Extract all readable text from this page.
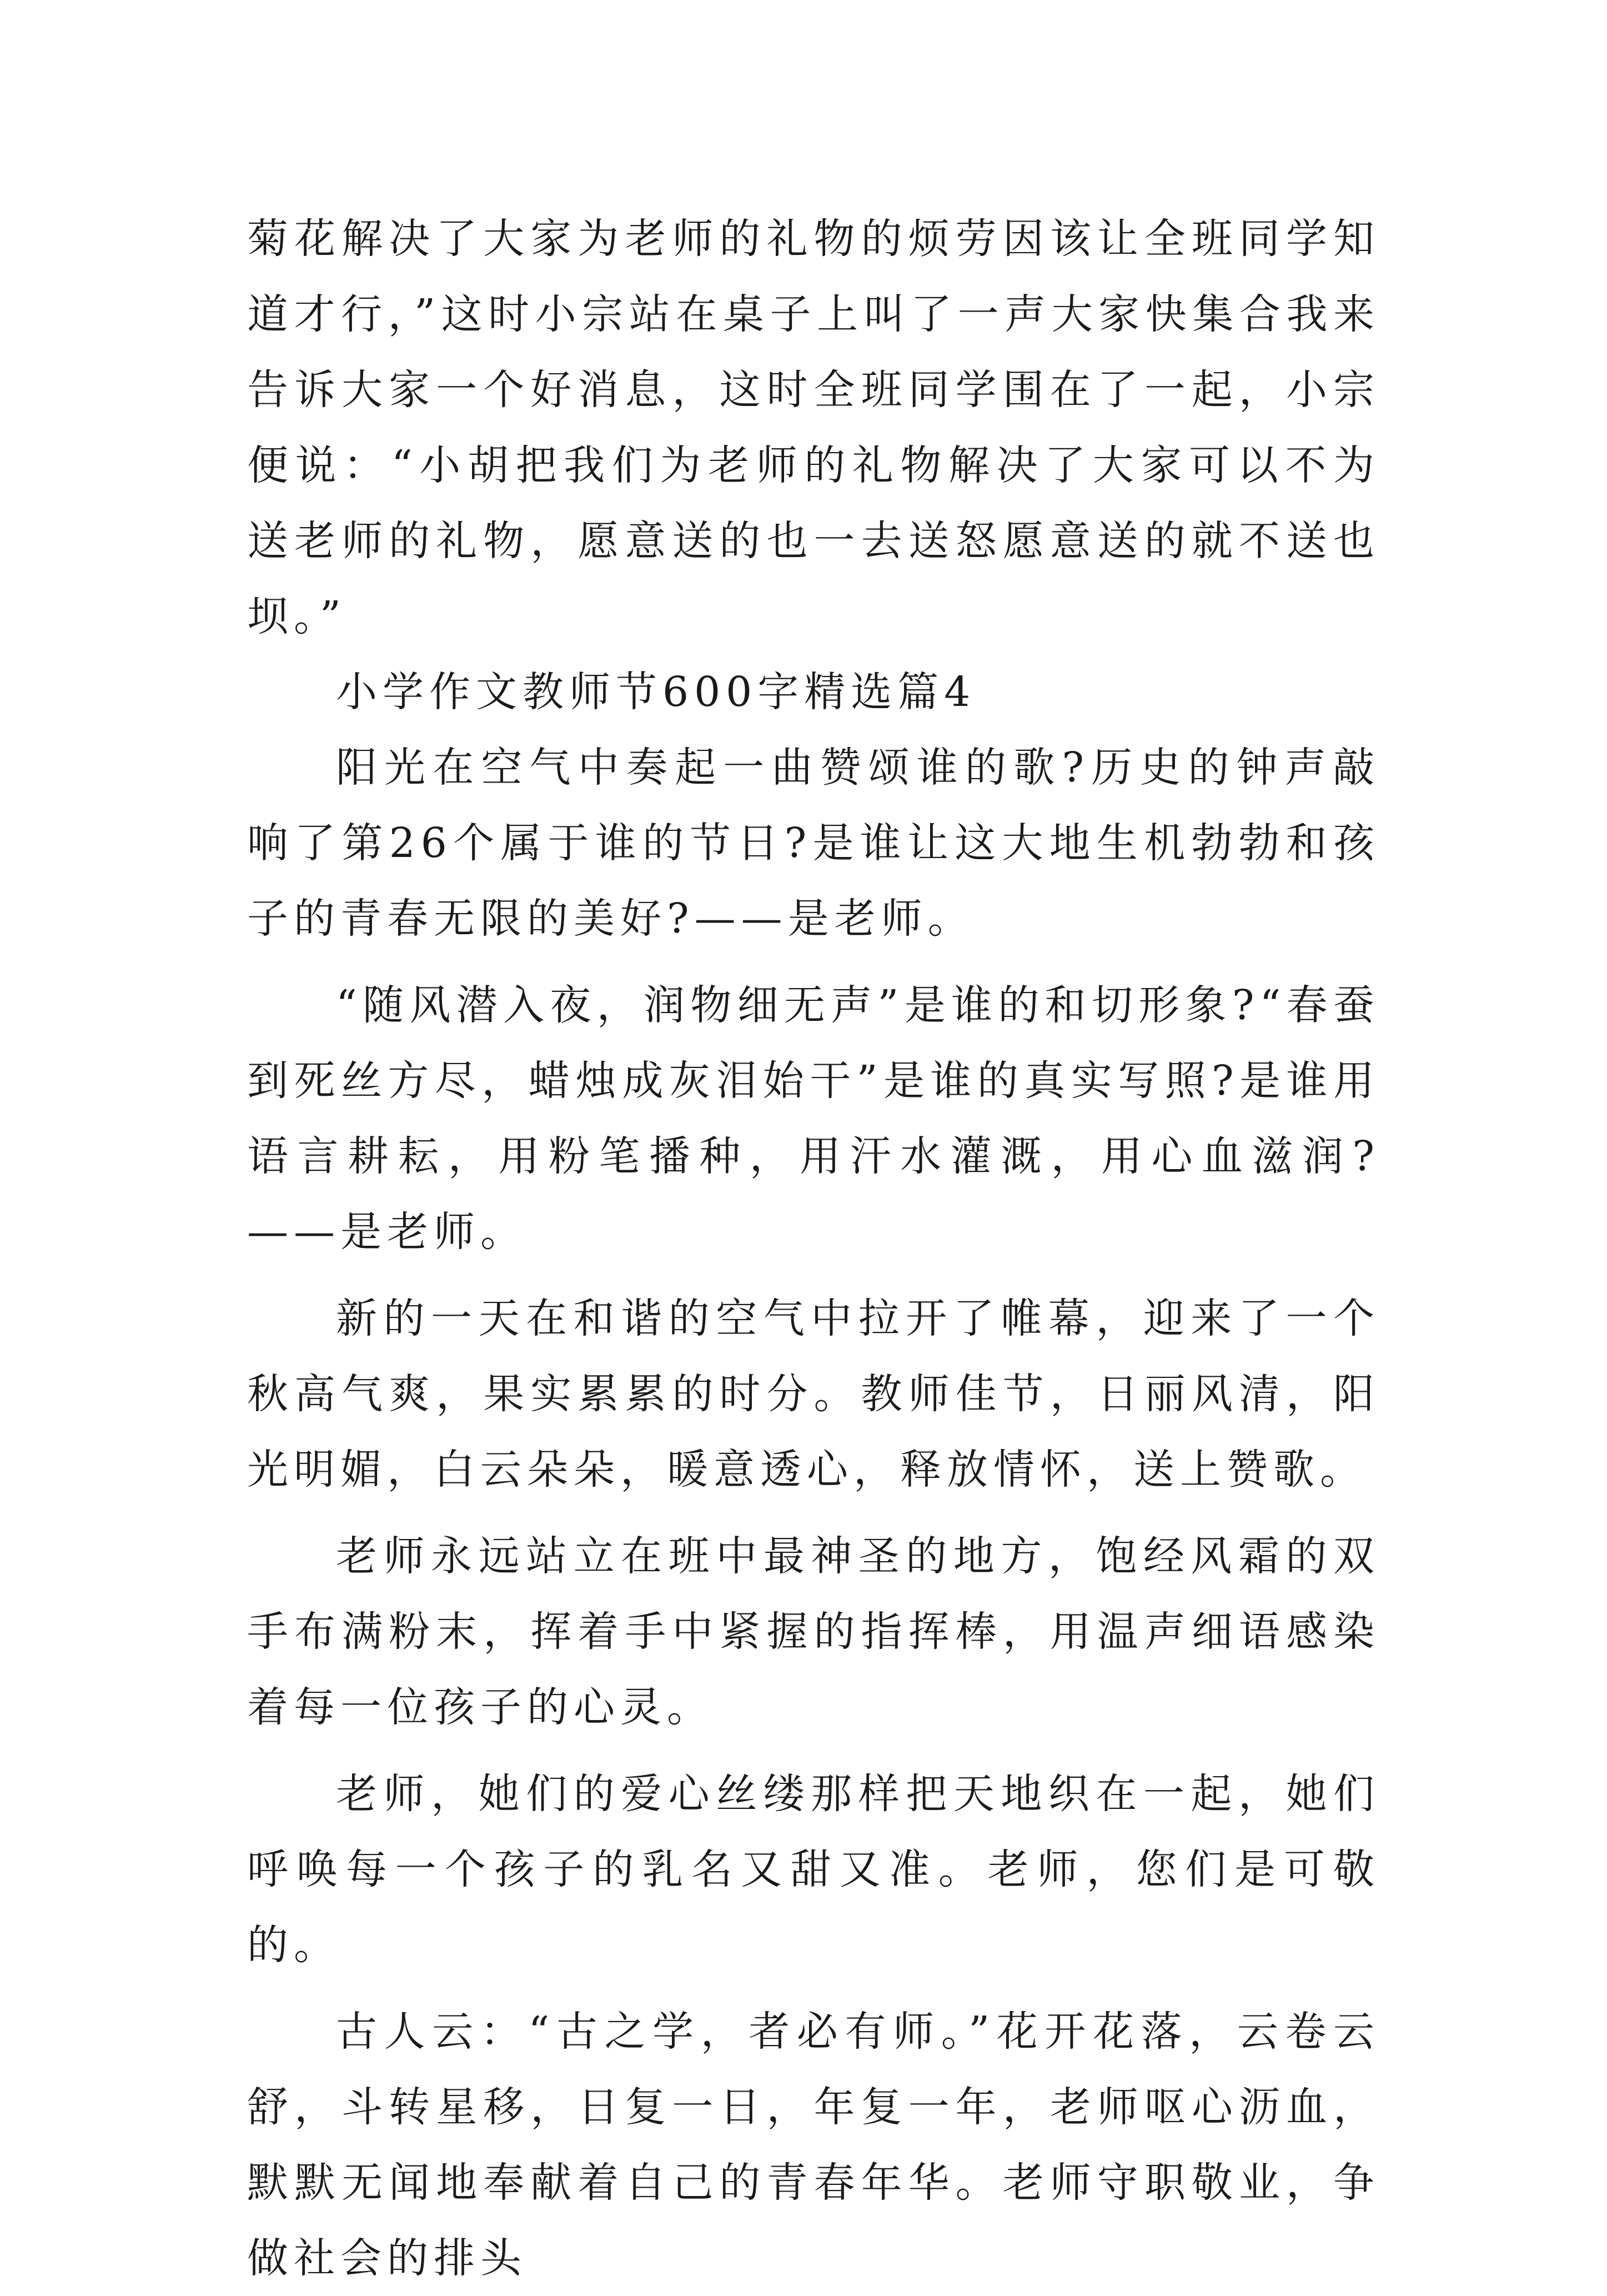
菊花解决了大家为老师的礼物的烦劳因该让全班同学知道才行，”这时小宗站在桌子上叫了一声大家快集合我来告诉大家一个好消息，这时全班同学围在了一起，小宗便说：“小胡把我们为老师的礼物解决了大家可以不为送老师的礼物，愿意送的也一去送怒愿意送的就不送也坝。”

小学作文教师节600字精选篇4

阳光在空气中奏起一曲赞颂谁的歌?历史的钟声敲响了第26个属于谁的节日?是谁让这大地生机勃勃和孩子的青春无限的美好?——是老师。

“随风潜入夜，润物细无声”是谁的和切形象?“春蚕到死丝方尽，蜡烛成灰泪始干”是谁的真实写照?是谁用语言耕耘，用粉笔播种，用汗水灌溉，用心血滋润?——是老师。

新的一天在和谐的空气中拉开了帷幕，迎来了一个秋高气爽，果实累累的时分。教师佳节，日丽风清，阳光明媚，白云朵朵，暖意透心，释放情怀，送上赞歌。

老师永远站立在班中最神圣的地方，饱经风霜的双手布满粉末，挥着手中紧握的指挥棒，用温声细语感染着每一位孩子的心灵。

老师，她们的爱心丝缕那样把天地织在一起，她们呼唤每一个孩子的乳名又甜又准。老师，您们是可敬的。

古人云：“古之学，者必有师。”花开花落，云卷云舒，斗转星移，日复一日，年复一年，老师呕心沥血，默默无闻地奉献着自己的青春年华。老师守职敬业，争做社会的排头
